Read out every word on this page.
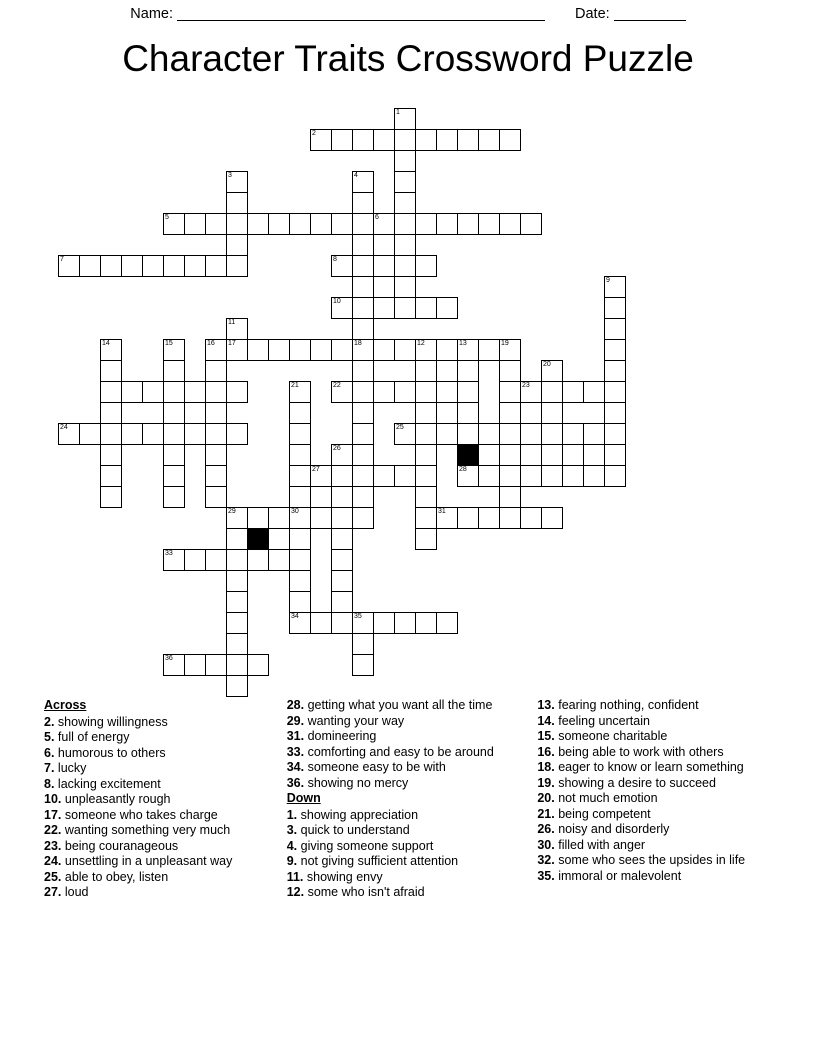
Name:	Date:
Character Traits Crossword Puzzle
1
2
3	4
5	6
7	8
9
10
11
14	15	16 17	18	12	13	19
20
21	22	23
24	25
26
27	28
29	30	31
32
33
34	35
36
Across
2. showing willingness
5. full of energy
6. humorous to others
7. lucky
8. lacking excitement
10. unpleasantly rough
17. someone who takes charge
22. wanting something very much
23. being couranageous
24. unsettling in a unpleasant way
25. able to obey, listen
27. loud
28. getting what you want all the time
29. wanting your way
31. domineering
33. comforting and easy to be around
34. someone easy to be with
36. showing no mercy
Down
1. showing appreciation
3. quick to understand
4. giving someone support
9. not giving sufficient attention
11. showing envy
12. some who isn't afraid
13. fearing nothing, confident
14. feeling uncertain
15. someone charitable
16. being able to work with others
18. eager to know or learn something
19. showing a desire to succeed
20. not much emotion
21. being competent
26. noisy and disorderly
30. filled with anger
32. some who sees the upsides in life
35. immoral or malevolent
